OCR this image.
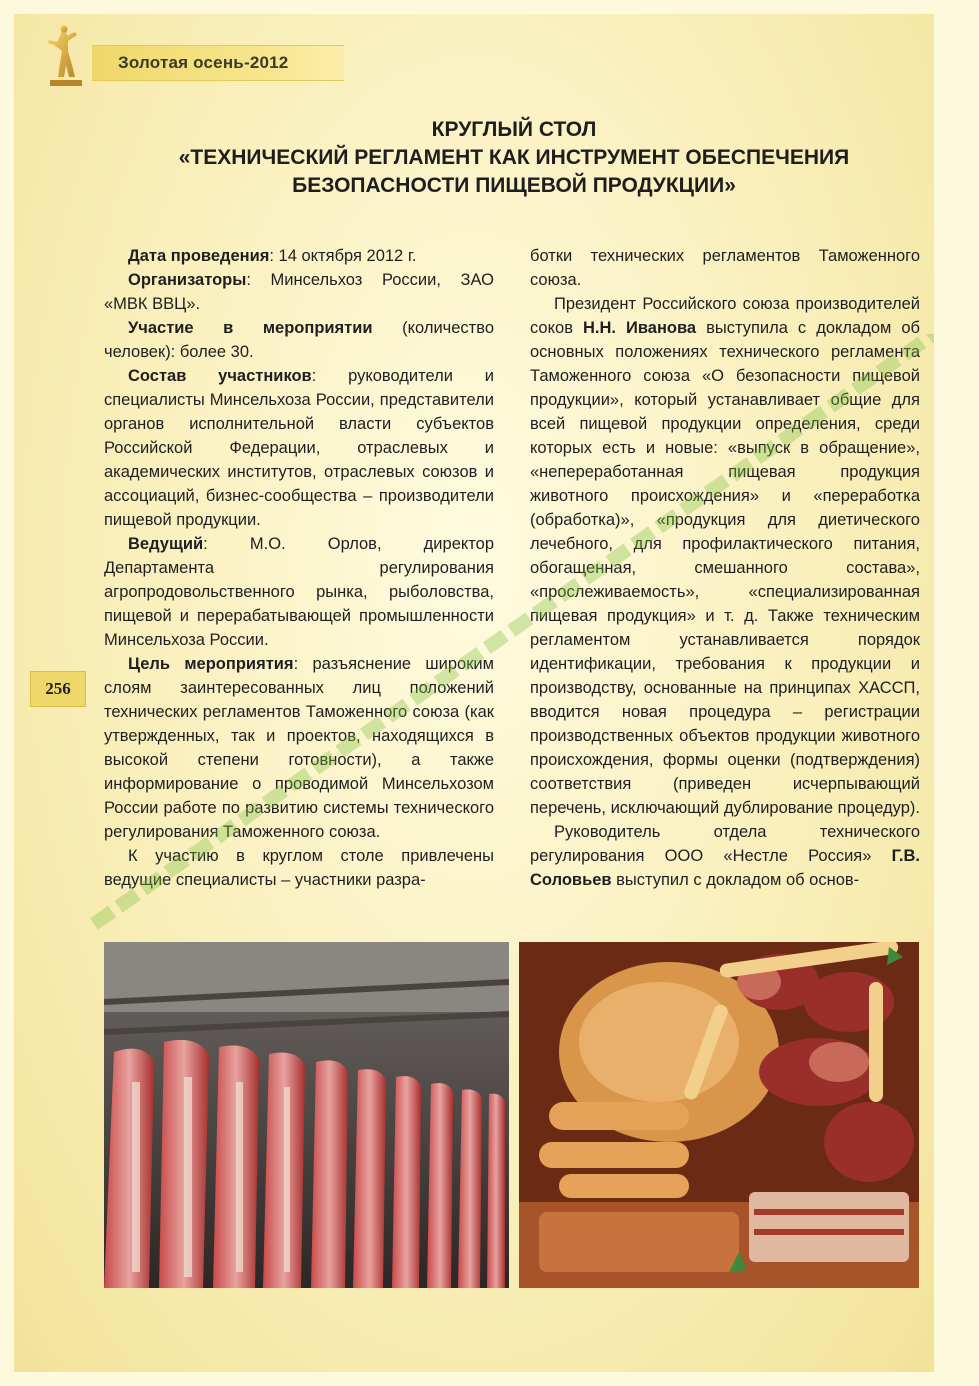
Золотая осень-2012
256
КРУГЛЫЙ СТОЛ
«ТЕХНИЧЕСКИЙ РЕГЛАМЕНТ КАК ИНСТРУМЕНТ ОБЕСПЕЧЕНИЯ
БЕЗОПАСНОСТИ ПИЩЕВОЙ ПРОДУКЦИИ»

Дата проведения: 14 октября 2012 г.

Организаторы: Минсельхоз России, ЗАО «МВК ВВЦ».

Участие в мероприятии (количество человек): более 30.

Состав участников: руководители и специалисты Минсельхоза России, представители органов исполнительной власти субъектов Российской Федерации, отраслевых и академических институтов, отраслевых союзов и ассоциаций, бизнес-сообщества – производители пищевой продукции.

Ведущий: М.О. Орлов, директор Департамента регулирования агропродовольственного рынка, рыболовства, пищевой и перерабатывающей промышленности Минсельхоза России.

Цель мероприятия: разъяснение широким слоям заинтересованных лиц положений технических регламентов Таможенного союза (как утвержденных, так и проектов, находящихся в высокой степени готовности), а также информирование о проводимой Минсельхозом России работе по развитию системы технического регулирования Таможенного союза.

К участию в круглом столе привлечены ведущие специалисты – участники разра-

ботки технических регламентов Таможенного союза.

Президент Российского союза производителей соков Н.Н. Иванова выступила с докладом об основных положениях технического регламента Таможенного союза «О безопасности пищевой продукции», который устанавливает общие для всей пищевой продукции определения, среди которых есть и новые: «выпуск в обращение», «непереработанная пищевая продукция животного происхождения» и «переработка (обработка)», «продукция для диетического лечебного, для профилактического питания, обогащенная, смешанного состава», «прослеживаемость», «специализированная пищевая продукция» и т. д. Также техническим регламентом устанавливается порядок идентификации, требования к продукции и производству, основанные на принципах ХАССП, вводится новая процедура – регистрации производственных объектов продукции животного происхождения, формы оценки (подтверждения) соответствия (приведен исчерпывающий перечень, исключающий дублирование процедур).

Руководитель отдела технического регулирования ООО «Нестле Россия» Г.В. Соловьев выступил с докладом об основ-
